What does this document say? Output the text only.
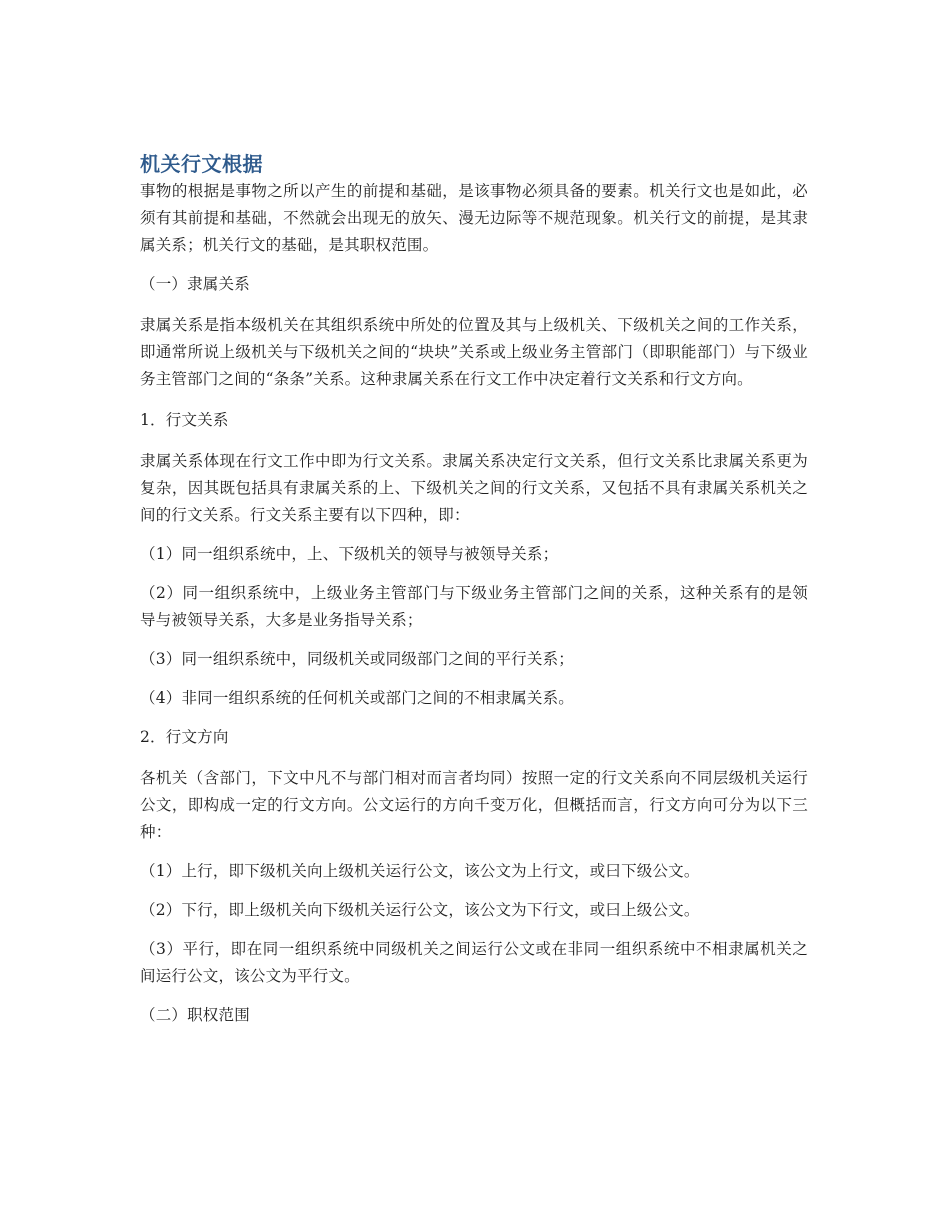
机关行文根据

事物的根据是事物之所以产生的前提和基础，是该事物必须具备的要素。机关行文也是如此，必须有其前提和基础，不然就会出现无的放矢、漫无边际等不规范现象。机关行文的前提，是其隶属关系；机关行文的基础，是其职权范围。

（一）隶属关系

隶属关系是指本级机关在其组织系统中所处的位置及其与上级机关、下级机关之间的工作关系，即通常所说上级机关与下级机关之间的“块块”关系或上级业务主管部门（即职能部门）与下级业务主管部门之间的“条条”关系。这种隶属关系在行文工作中决定着行文关系和行文方向。

1．行文关系

隶属关系体现在行文工作中即为行文关系。隶属关系决定行文关系，但行文关系比隶属关系更为复杂，因其既包括具有隶属关系的上、下级机关之间的行文关系，又包括不具有隶属关系机关之间的行文关系。行文关系主要有以下四种，即：

（1）同一组织系统中，上、下级机关的领导与被领导关系；

（2）同一组织系统中，上级业务主管部门与下级业务主管部门之间的关系，这种关系有的是领导与被领导关系，大多是业务指导关系；

（3）同一组织系统中，同级机关或同级部门之间的平行关系；

（4）非同一组织系统的任何机关或部门之间的不相隶属关系。

2．行文方向

各机关（含部门，下文中凡不与部门相对而言者均同）按照一定的行文关系向不同层级机关运行公文，即构成一定的行文方向。公文运行的方向千变万化，但概括而言，行文方向可分为以下三种：

（1）上行，即下级机关向上级机关运行公文，该公文为上行文，或曰下级公文。

（2）下行，即上级机关向下级机关运行公文，该公文为下行文，或曰上级公文。

（3）平行，即在同一组织系统中同级机关之间运行公文或在非同一组织系统中不相隶属机关之间运行公文，该公文为平行文。

（二）职权范围
